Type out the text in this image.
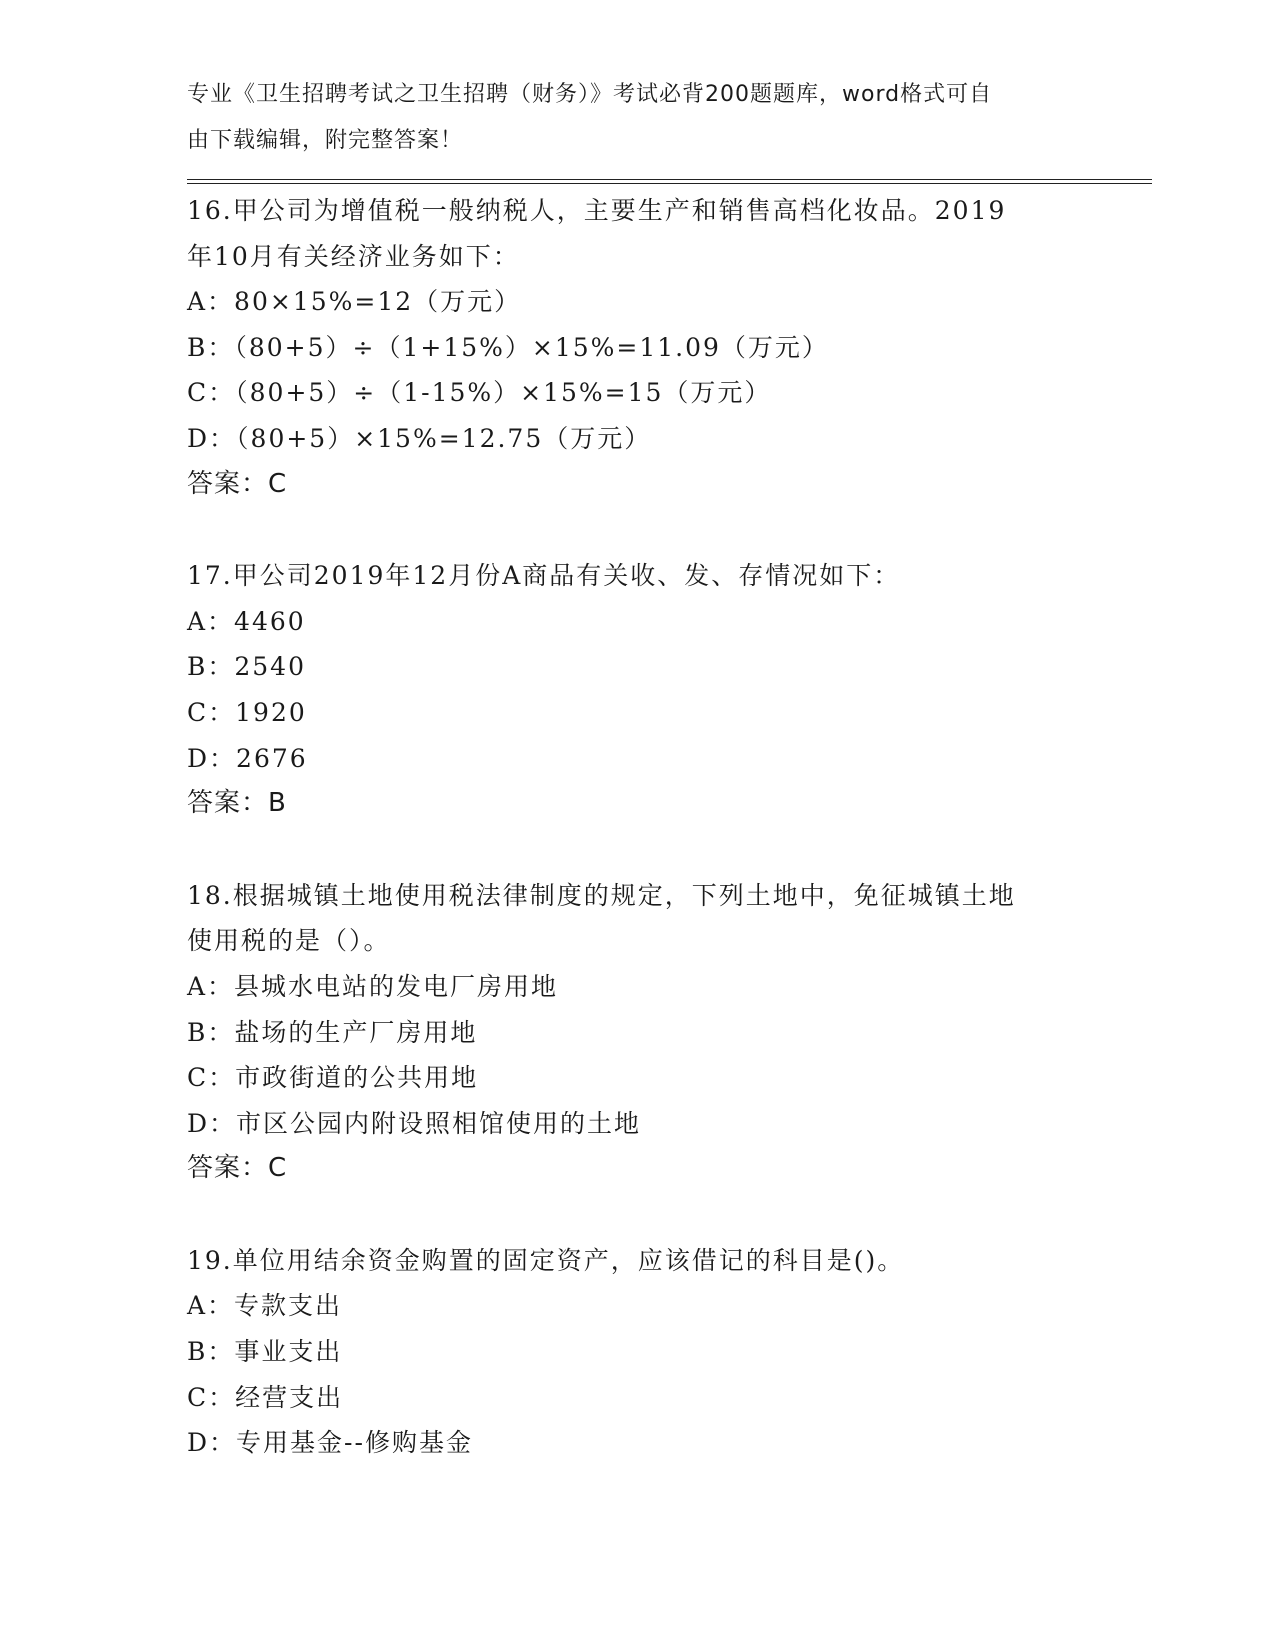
专业《卫生招聘考试之卫生招聘（财务）》考试必背200题题库，word格式可自
由下载编辑，附完整答案！
16.甲公司为增值税一般纳税人，主要生产和销售高档化妆品。2019
年10月有关经济业务如下：
A：80×15%=12（万元）
B：（80+5）÷（1+15%）×15%=11.09（万元）
C：（80+5）÷（1-15%）×15%=15（万元）
D：（80+5）×15%=12.75（万元）
答案：C
17.甲公司2019年12月份A商品有关收、发、存情况如下：
A：4460
B：2540
C：1920
D：2676
答案：B
18.根据城镇土地使用税法律制度的规定，下列土地中，免征城镇土地
使用税的是（）。
A：县城水电站的发电厂房用地
B：盐场的生产厂房用地
C：市政街道的公共用地
D：市区公园内附设照相馆使用的土地
答案：C
19.单位用结余资金购置的固定资产，应该借记的科目是()。
A：专款支出
B：事业支出
C：经营支出
D：专用基金--修购基金
